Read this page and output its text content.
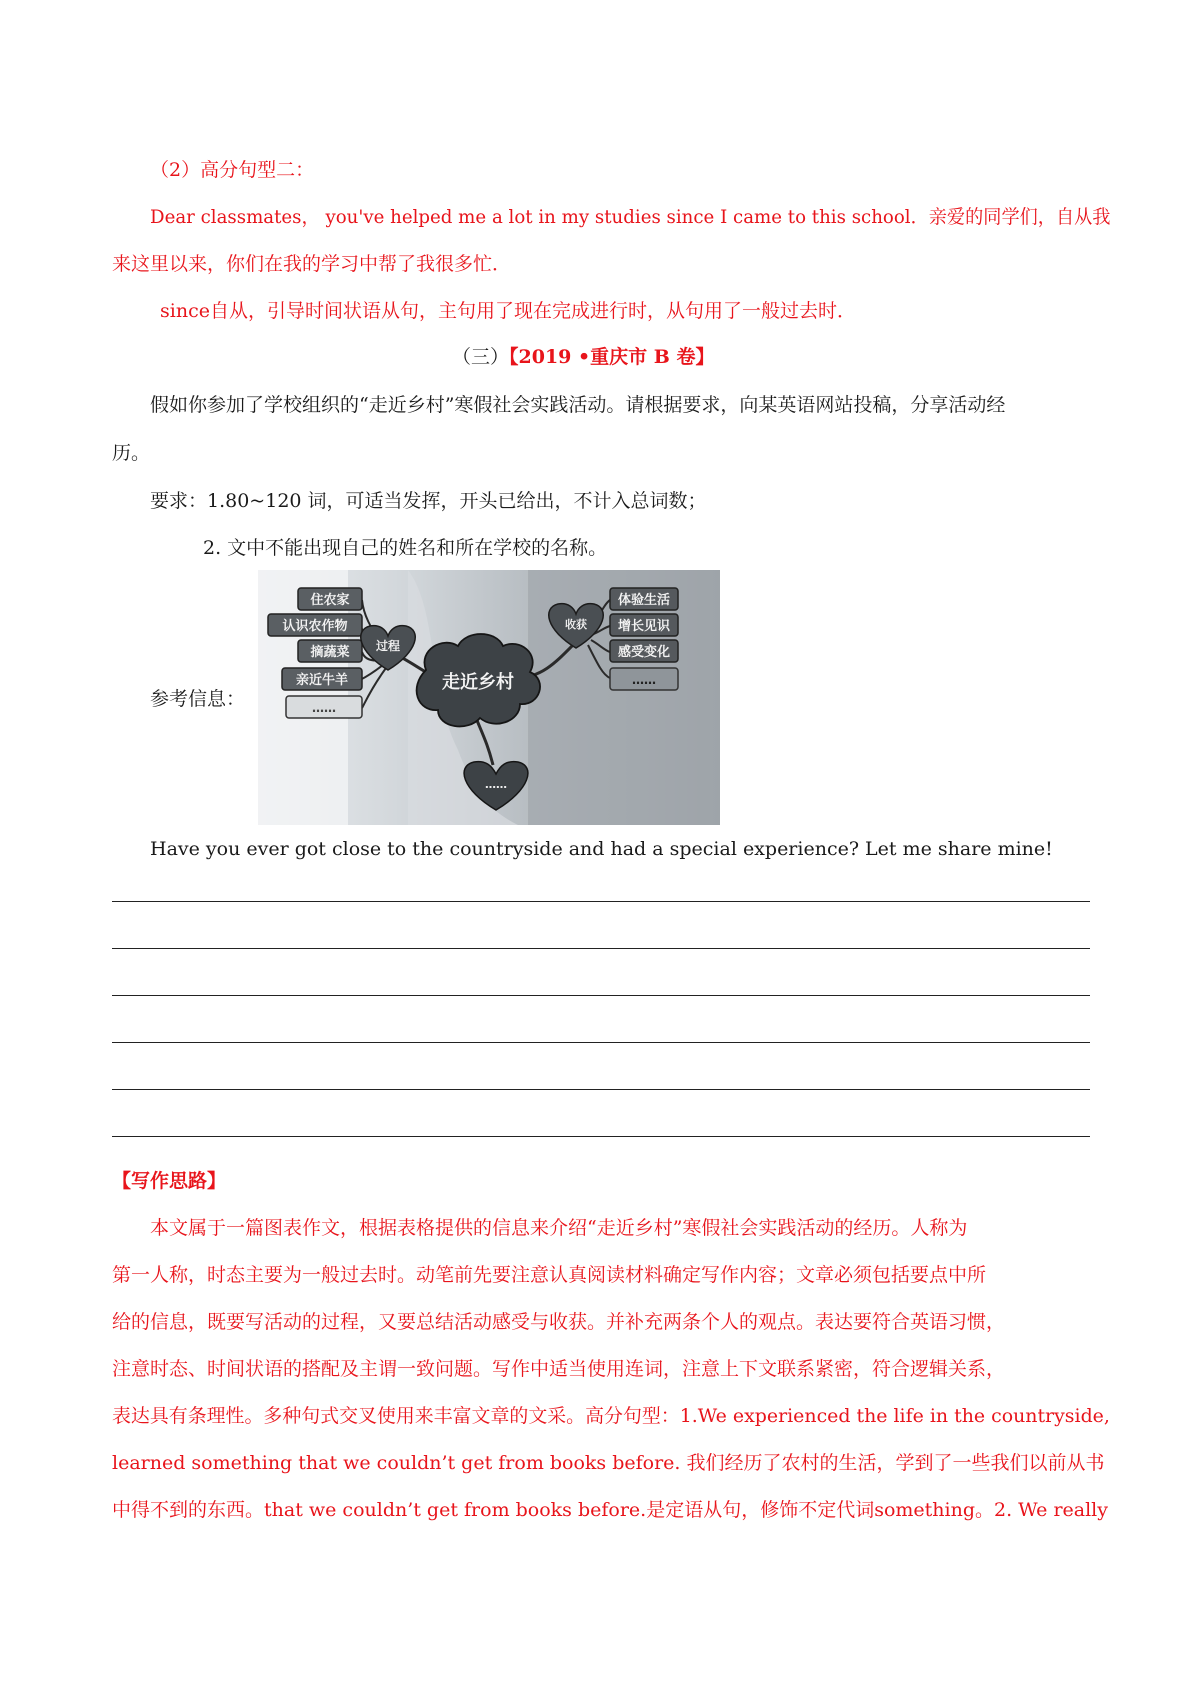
（2）高分句型二：
Dear classmates， you've helped me a lot in my studies since I came to this school．亲爱的同学们，自从我
来这里以来，你们在我的学习中帮了我很多忙．
since自从，引导时间状语从句，主句用了现在完成进行时，从句用了一般过去时．
（三）【2019 •重庆市 B 卷】
假如你参加了学校组织的“走近乡村”寒假社会实践活动。请根据要求，向某英语网站投稿，分享活动经
历。
要求：1.80~120 词，可适当发挥，开头已给出，不计入总词数；
2. 文中不能出现自己的姓名和所在学校的名称。
参考信息：
住农家
认识农作物
摘蔬菜
亲近牛羊
……
过程
走近乡村
收获
体验生活
增长见识
感受变化
……
……
Have you ever got close to the countryside and had a special experience? Let me share mine!
【写作思路】
本文属于一篇图表作文，根据表格提供的信息来介绍“走近乡村”寒假社会实践活动的经历。人称为
第一人称，时态主要为一般过去时。动笔前先要注意认真阅读材料确定写作内容；文章必须包括要点中所
给的信息，既要写活动的过程，又要总结活动感受与收获。并补充两条个人的观点。表达要符合英语习惯，
注意时态、时间状语的搭配及主谓一致问题。写作中适当使用连词，注意上下文联系紧密，符合逻辑关系，
表达具有条理性。多种句式交叉使用来丰富文章的文采。高分句型：1.We experienced the life in the countryside,
learned something that we couldn’t get from books before. 我们经历了农村的生活，学到了一些我们以前从书
中得不到的东西。that we couldn’t get from books before.是定语从句，修饰不定代词something。2. We really
